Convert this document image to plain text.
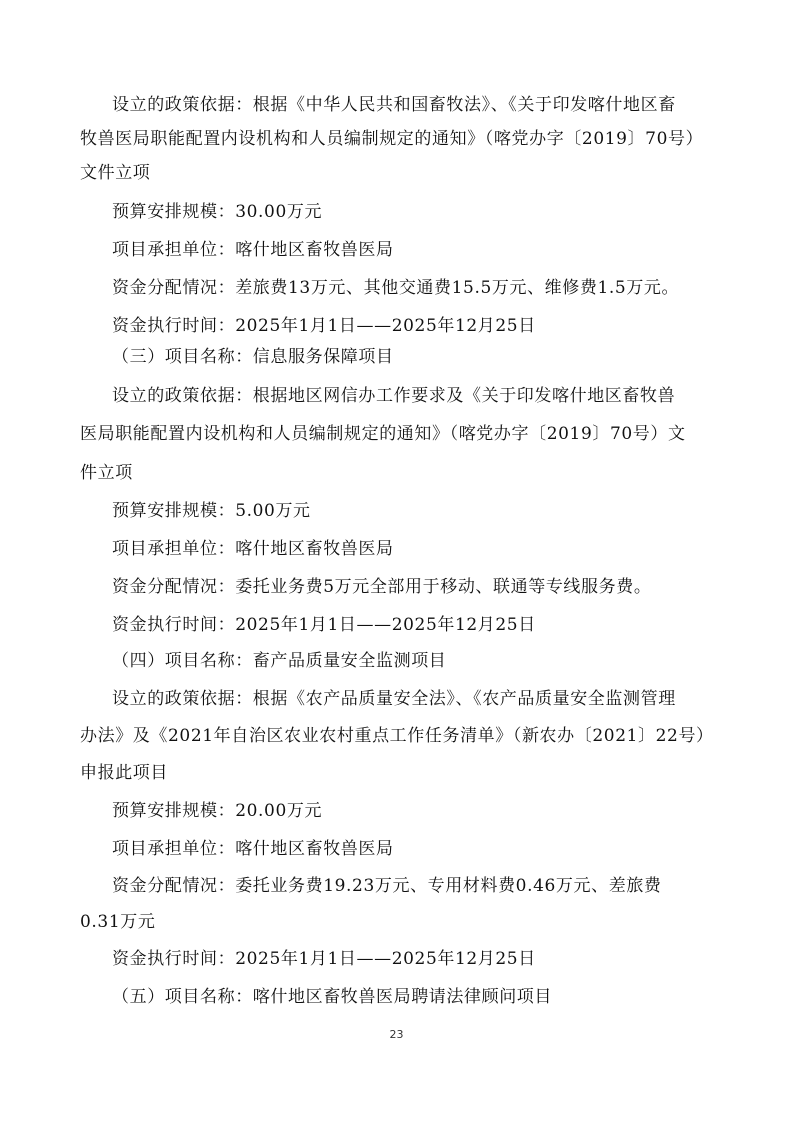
设立的政策依据：根据《中华人民共和国畜牧法》、《关于印发喀什地区畜

牧兽医局职能配置内设机构和人员编制规定的通知》（喀党办字〔2019〕70号）

文件立项

预算安排规模：30.00万元

项目承担单位：喀什地区畜牧兽医局

资金分配情况：差旅费13万元、其他交通费15.5万元、维修费1.5万元。

资金执行时间：2025年1月1日——2025年12月25日

（三）项目名称：信息服务保障项目

设立的政策依据：根据地区网信办工作要求及《关于印发喀什地区畜牧兽

医局职能配置内设机构和人员编制规定的通知》（喀党办字〔2019〕70号）文

件立项

预算安排规模：5.00万元

项目承担单位：喀什地区畜牧兽医局

资金分配情况：委托业务费5万元全部用于移动、联通等专线服务费。

资金执行时间：2025年1月1日——2025年12月25日

（四）项目名称：畜产品质量安全监测项目

设立的政策依据：根据《农产品质量安全法》、《农产品质量安全监测管理

办法》及《2021年自治区农业农村重点工作任务清单》（新农办〔2021〕22号）

申报此项目

预算安排规模：20.00万元

项目承担单位：喀什地区畜牧兽医局

资金分配情况：委托业务费19.23万元、专用材料费0.46万元、差旅费

0.31万元

资金执行时间：2025年1月1日——2025年12月25日

（五）项目名称：喀什地区畜牧兽医局聘请法律顾问项目

23
